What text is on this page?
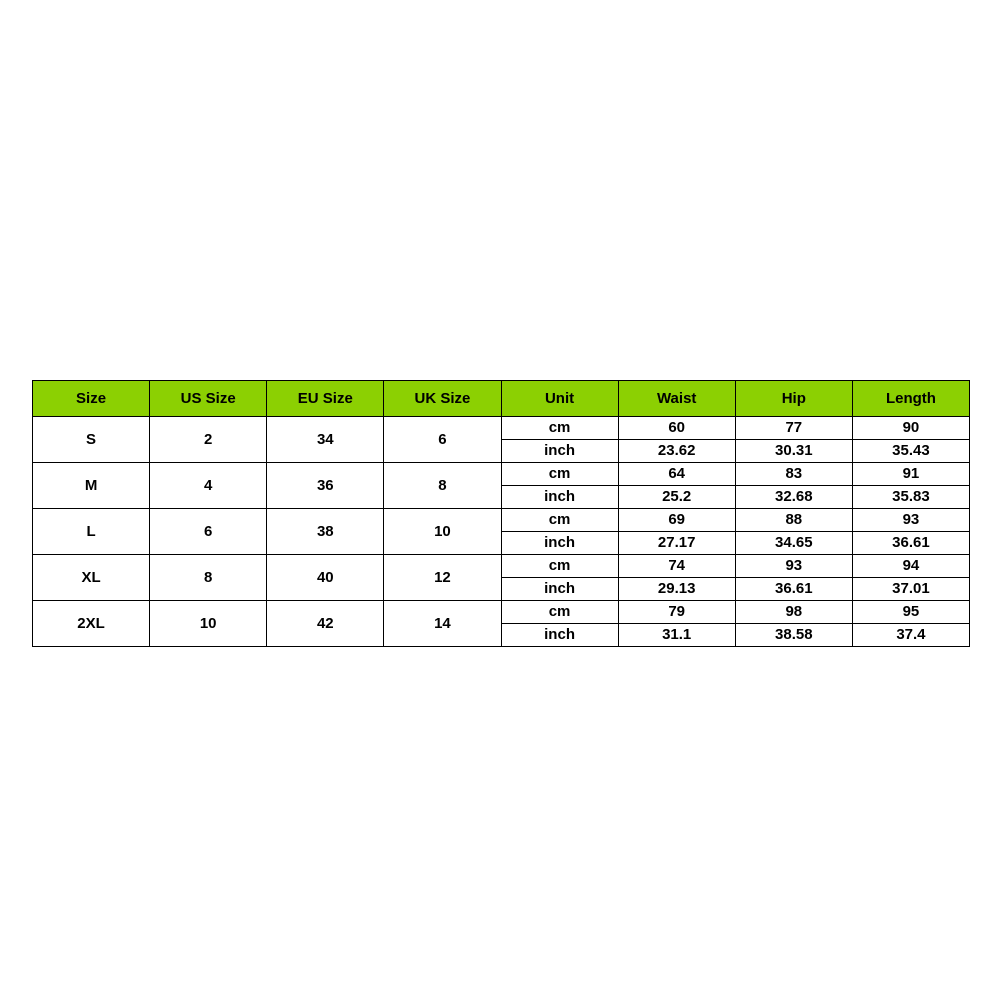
Size	US Size	EU Size	UK Size	Unit	Waist	Hip	Length
S	2	34	6	cm	60	77	90
				inch	23.62	30.31	35.43
M	4	36	8	cm	64	83	91
				inch	25.2	32.68	35.83
L	6	38	10	cm	69	88	93
				inch	27.17	34.65	36.61
XL	8	40	12	cm	74	93	94
				inch	29.13	36.61	37.01
2XL	10	42	14	cm	79	98	95
				inch	31.1	38.58	37.4
